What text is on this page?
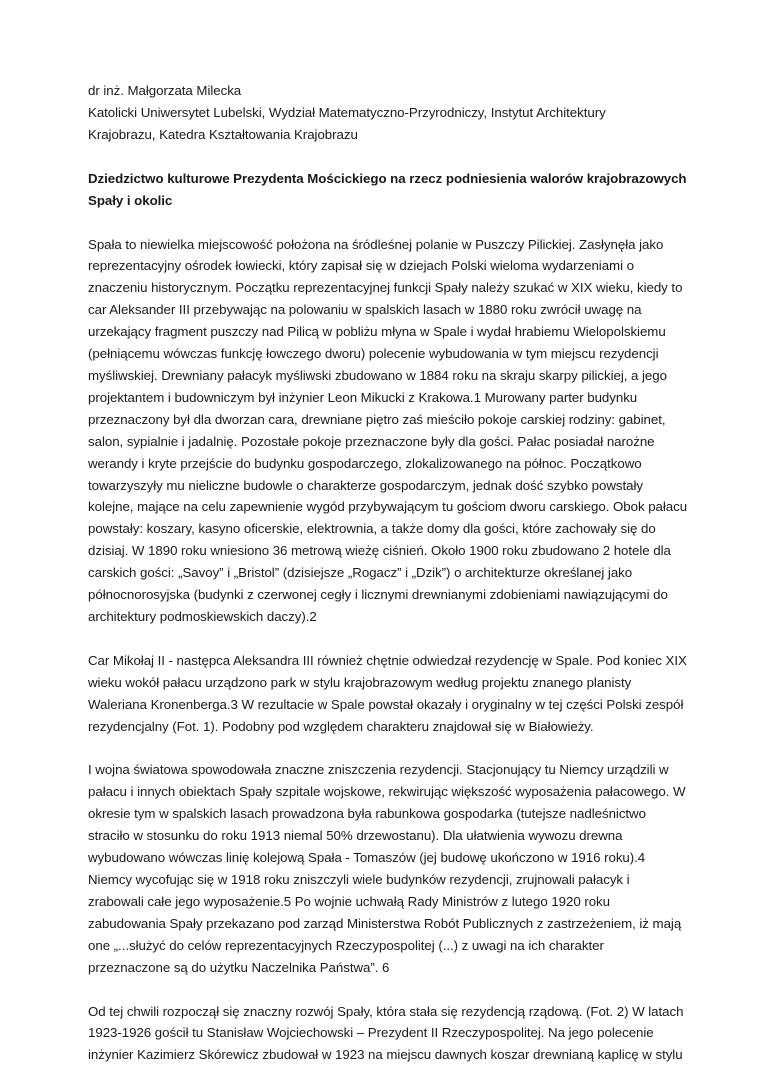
dr inż. Małgorzata Milecka

Katolicki Uniwersytet Lubelski, Wydział Matematyczno-Przyrodniczy, Instytut Architektury

Krajobrazu, Katedra Kształtowania Krajobrazu

Dziedzictwo kulturowe Prezydenta Mościckiego na rzecz podniesienia walorów krajobrazowych Spały i okolic

Spała to niewielka miejscowość położona na śródleśnej polanie w Puszczy Pilickiej. Zasłynęła jako reprezentacyjny ośrodek łowiecki, który zapisał się w dziejach Polski wieloma wydarzeniami o znaczeniu historycznym. Początku reprezentacyjnej funkcji Spały należy szukać w XIX wieku, kiedy to car Aleksander III przebywając na polowaniu w spalskich lasach w 1880 roku zwrócił uwagę na urzekający fragment puszczy nad Pilicą w pobliżu młyna w Spale i wydał hrabiemu Wielopolskiemu (pełniącemu wówczas funkcję łowczego dworu) polecenie wybudowania w tym miejscu rezydencji myśliwskiej. Drewniany pałacyk myśliwski zbudowano w 1884 roku na skraju skarpy pilickiej, a jego projektantem i budowniczym był inżynier Leon Mikucki z Krakowa.1 Murowany parter budynku przeznaczony był dla dworzan cara, drewniane piętro zaś mieściło pokoje carskiej rodziny: gabinet, salon, sypialnie i jadalnię. Pozostałe pokoje przeznaczone były dla gości. Pałac posiadał narożne werandy i kryte przejście do budynku gospodarczego, zlokalizowanego na północ. Początkowo towarzyszyły mu nieliczne budowle o charakterze gospodarczym, jednak dość szybko powstały kolejne, mające na celu zapewnienie wygód przybywającym tu gościom dworu carskiego. Obok pałacu powstały: koszary, kasyno oficerskie, elektrownia, a także domy dla gości, które zachowały się do dzisiaj. W 1890 roku wniesiono 36 metrową wieżę ciśnień. Około 1900 roku zbudowano 2 hotele dla carskich gości: „Savoy” i „Bristol” (dzisiejsze „Rogacz” i „Dzik”) o architekturze określanej jako północnorosyjska (budynki z czerwonej cegły i licznymi drewnianymi zdobieniami nawiązującymi do architektury podmoskiewskich daczy).2

Car Mikołaj II - następca Aleksandra III również chętnie odwiedzał rezydencję w Spale. Pod koniec XIX wieku wokół pałacu urządzono park w stylu krajobrazowym według projektu znanego planisty Waleriana Kronenberga.3 W rezultacie w Spale powstał okazały i oryginalny w tej części Polski zespół rezydencjalny (Fot. 1). Podobny pod względem charakteru znajdował się w Białowieży.

I wojna światowa spowodowała znaczne zniszczenia rezydencji. Stacjonujący tu Niemcy urządzili w pałacu i innych obiektach Spały szpitale wojskowe, rekwirując większość wyposażenia pałacowego. W okresie tym w spalskich lasach prowadzona była rabunkowa gospodarka (tutejsze nadleśnictwo straciło w stosunku do roku 1913 niemal 50% drzewostanu). Dla ułatwienia wywozu drewna wybudowano wówczas linię kolejową Spała - Tomaszów (jej budowę ukończono w 1916 roku).4 Niemcy wycofując się w 1918 roku zniszczyli wiele budynków rezydencji, zrujnowali pałacyk i zrabowali całe jego wyposażenie.5 Po wojnie uchwałą Rady Ministrów z lutego 1920 roku zabudowania Spały przekazano pod zarząd Ministerstwa Robót Publicznych z zastrzeżeniem, iż mają one „...służyć do celów reprezentacyjnych Rzeczypospolitej (...) z uwagi na ich charakter przeznaczone są do użytku Naczelnika Państwa”. 6

Od tej chwili rozpoczął się znaczny rozwój Spały, która stała się rezydencją rządową. (Fot. 2) W latach 1923-1926 gościł tu Stanisław Wojciechowski – Prezydent II Rzeczypospolitej. Na jego polecenie inżynier Kazimierz Skórewicz zbudował w 1923 na miejscu dawnych koszar drewnianą kaplicę w stylu
